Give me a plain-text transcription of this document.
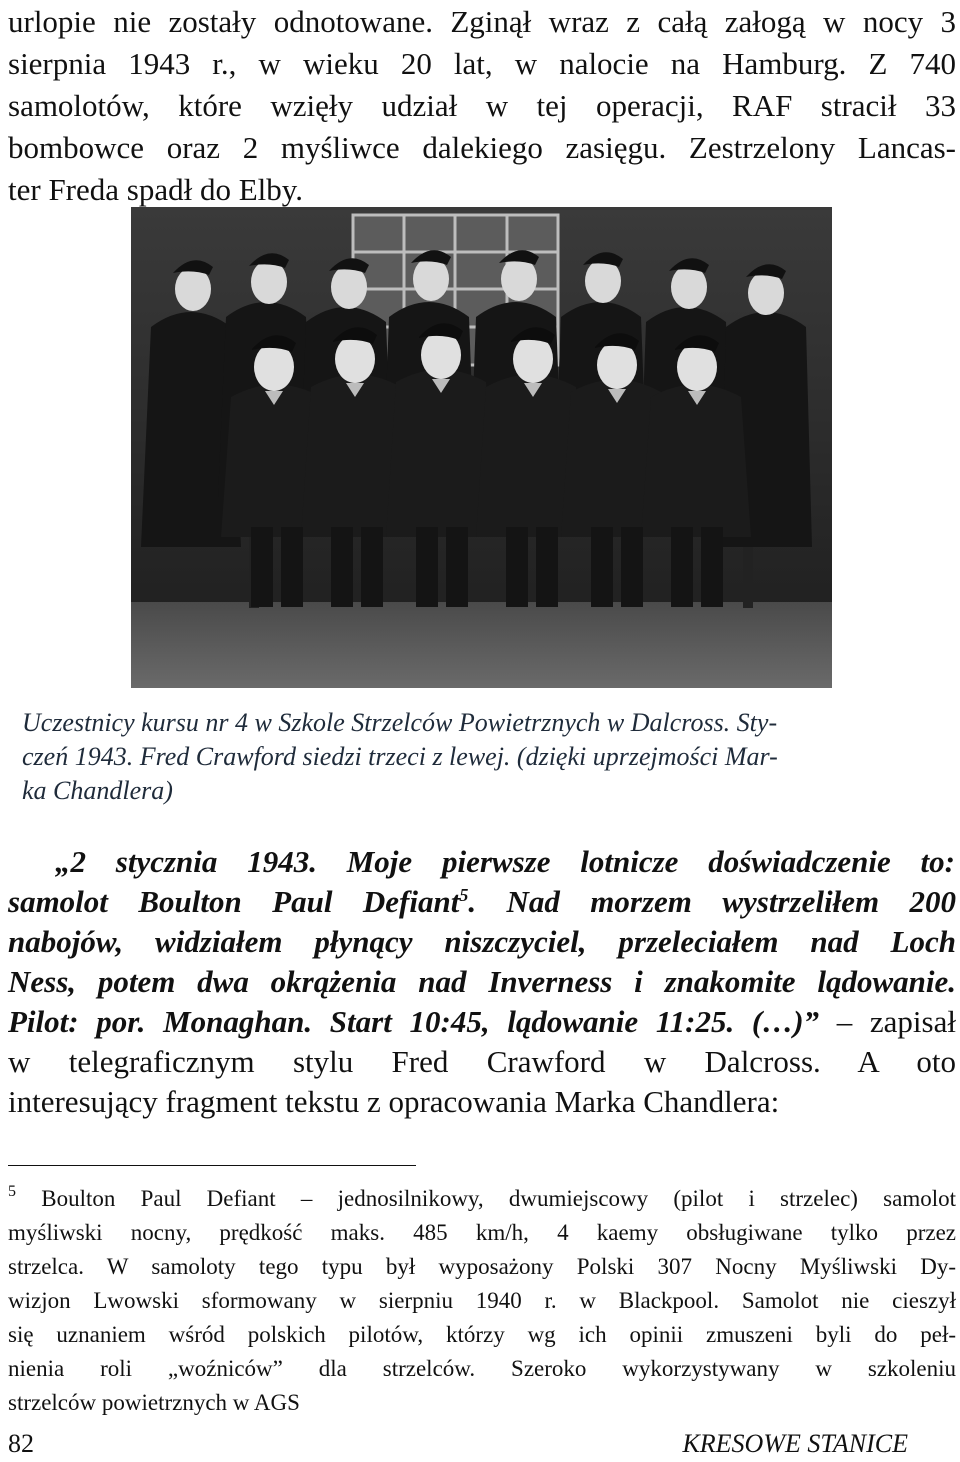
urlopie nie zostały odnotowane. Zginął wraz z całą załogą w nocy 3
sierpnia 1943 r., w wieku 20 lat, w nalocie na Hamburg. Z 740
samolotów, które wzięły udział w tej operacji, RAF stracił 33
bombowce oraz 2 myśliwce dalekiego zasięgu. Zestrzelony Lancas-
ter Freda spadł do Elby.
Uczestnicy kursu nr 4 w Szkole Strzelców Powietrznych w Dalcross. Sty-
czeń 1943. Fred Crawford siedzi trzeci z lewej. (dzięki uprzejmości Mar-
ka Chandlera)
„2 stycznia 1943. Moje pierwsze lotnicze doświadczenie to:
samolot Boulton Paul Defiant$^5$. Nad morzem wystrzeliłem 200
nabojów, widziałem płynący niszczyciel, przeleciałem nad Loch
Ness, potem dwa okrążenia nad Inverness i znakomite lądowanie.
Pilot: por. Monaghan. Start 10:45, lądowanie 11:25. (…)” – zapisał
w telegraficznym stylu Fred Crawford w Dalcross. A oto
interesujący fragment tekstu z opracowania Marka Chandlera:
$^5$ Boulton Paul Defiant – jednosilnikowy, dwumiejscowy (pilot i strzelec) samolot
myśliwski nocny, prędkość maks. 485 km/h, 4 kaemy obsługiwane tylko przez
strzelca. W samoloty tego typu był wyposażony Polski 307 Nocny Myśliwski Dy-
wizjon Lwowski sformowany w sierpniu 1940 r. w Blackpool. Samolot nie cieszył
się uznaniem wśród polskich pilotów, którzy wg ich opinii zmuszeni byli do peł-
nienia roli „woźniców” dla strzelców. Szeroko wykorzystywany w szkoleniu
strzelców powietrznych w AGS
82	KRESOWE STANICE
